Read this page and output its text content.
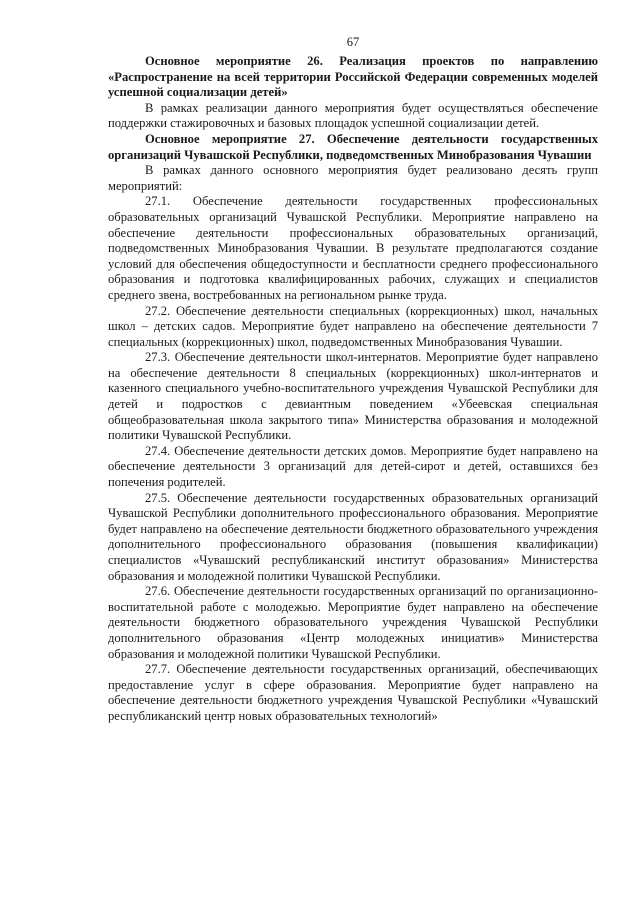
67

Основное мероприятие 26. Реализация проектов по направлению «Распространение на всей территории Российской Федерации современных моделей успешной социализации детей»

В рамках реализации данного мероприятия будет осуществляться обеспечение поддержки стажировочных и базовых площадок успешной социализации детей.

Основное мероприятие 27. Обеспечение деятельности государственных организаций Чувашской Республики, подведомственных Минобразования Чувашии

В рамках данного основного мероприятия будет реализовано десять групп мероприятий:

27.1. Обеспечение деятельности государственных профессиональных образовательных организаций Чувашской Республики. Мероприятие направлено на обеспечение деятельности профессиональных образовательных организаций, подведомственных Минобразования Чувашии. В результате предполагаются создание условий для обеспечения общедоступности и бесплатности среднего профессионального образования и подготовка квалифицированных рабочих, служащих и специалистов среднего звена, востребованных на региональном рынке труда.

27.2. Обеспечение деятельности специальных (коррекционных) школ, начальных школ – детских садов. Мероприятие будет направлено на обеспечение деятельности 7 специальных (коррекционных) школ, подведомственных Минобразования Чувашии.

27.3. Обеспечение деятельности школ-интернатов. Мероприятие будет направлено на обеспечение деятельности 8 специальных (коррекционных) школ-интернатов и казенного специального учебно-воспитательного учреждения Чувашской Республики для детей и подростков с девиантным поведением «Убеевская специальная общеобразовательная школа закрытого типа» Министерства образования и молодежной политики Чувашской Республики.

27.4. Обеспечение деятельности детских домов. Мероприятие будет направлено на обеспечение деятельности 3 организаций для детей-сирот и детей, оставшихся без попечения родителей.

27.5. Обеспечение деятельности государственных образовательных организаций Чувашской Республики дополнительного профессионального образования. Мероприятие будет направлено на обеспечение деятельности бюджетного образовательного учреждения дополнительного профессионального образования (повышения квалификации) специалистов «Чувашский республиканский институт образования» Министерства образования и молодежной политики Чувашской Республики.

27.6. Обеспечение деятельности государственных организаций по организационно-воспитательной работе с молодежью. Мероприятие будет направлено на обеспечение деятельности бюджетного образовательного учреждения Чувашской Республики дополнительного образования «Центр молодежных инициатив» Министерства образования и молодежной политики Чувашской Республики.

27.7. Обеспечение деятельности государственных организаций, обеспечивающих предоставление услуг в сфере образования. Мероприятие будет направлено на обеспечение деятельности бюджетного учреждения Чувашской Республики «Чувашский республиканский центр новых образовательных технологий»
